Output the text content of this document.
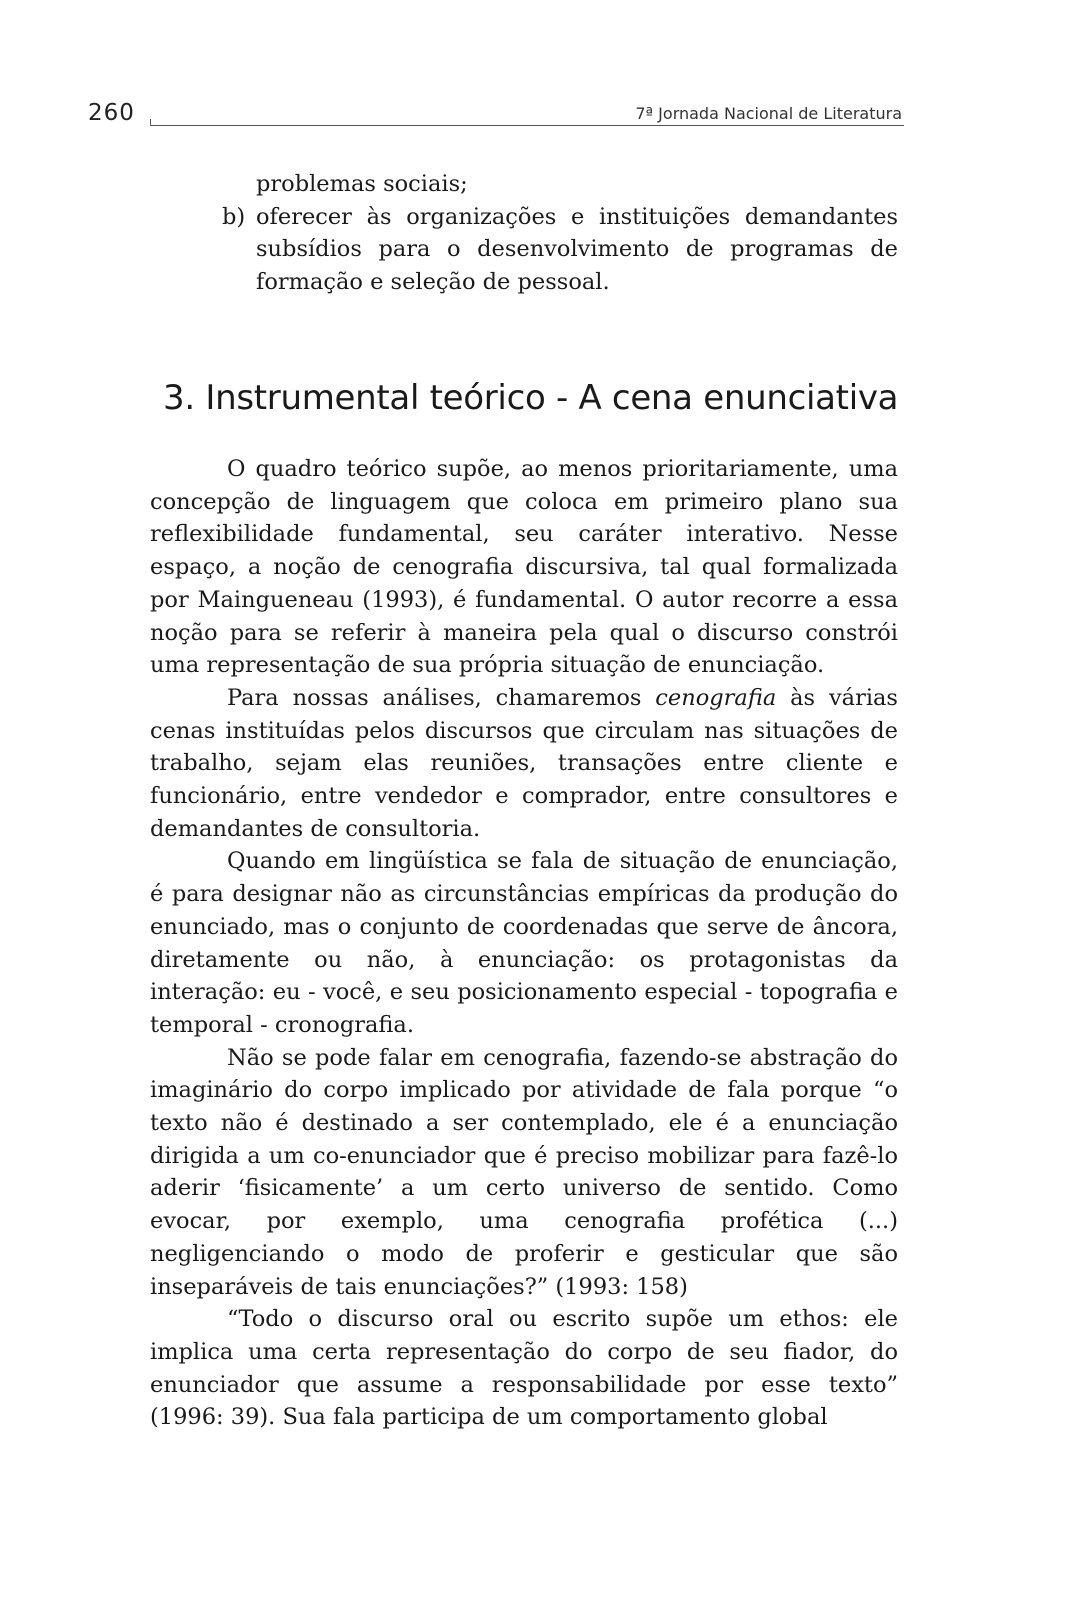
260	7ª Jornada Nacional de Literatura

problemas sociais;

b) oferecer às organizações e instituições demandantes subsídios para o desenvolvimento de programas de formação e seleção de pessoal.

3. Instrumental teórico - A cena enunciativa

O quadro teórico supõe, ao menos prioritariamente, uma concepção de linguagem que coloca em primeiro plano sua reflexibilidade fundamental, seu caráter interativo. Nesse espaço, a noção de cenografia discursiva, tal qual formalizada por Maingueneau (1993), é fundamental. O autor recorre a essa noção para se referir à maneira pela qual o discurso constrói uma representação de sua própria situação de enunciação.

Para nossas análises, chamaremos cenografia às várias cenas instituídas pelos discursos que circulam nas situações de trabalho, sejam elas reuniões, transações entre cliente e funcionário, entre vendedor e comprador, entre consultores e demandantes de consultoria.

Quando em lingüística se fala de situação de enunciação, é para designar não as circunstâncias empíricas da produção do enunciado, mas o conjunto de coordenadas que serve de âncora, diretamente ou não, à enunciação: os protagonistas da interação: eu - você, e seu posicionamento especial - topografia e temporal - cronografia.

Não se pode falar em cenografia, fazendo-se abstração do imaginário do corpo implicado por atividade de fala porque “o texto não é destinado a ser contemplado, ele é a enunciação dirigida a um co-enunciador que é preciso mobilizar para fazê-lo aderir ‘fisicamente’ a um certo universo de sentido. Como evocar, por exemplo, uma cenografia profética (...) negligenciando o modo de proferir e gesticular que são inseparáveis de tais enunciações?” (1993: 158)

“Todo o discurso oral ou escrito supõe um ethos: ele implica uma certa representação do corpo de seu fiador, do enunciador que assume a responsabilidade por esse texto” (1996: 39). Sua fala participa de um comportamento global
